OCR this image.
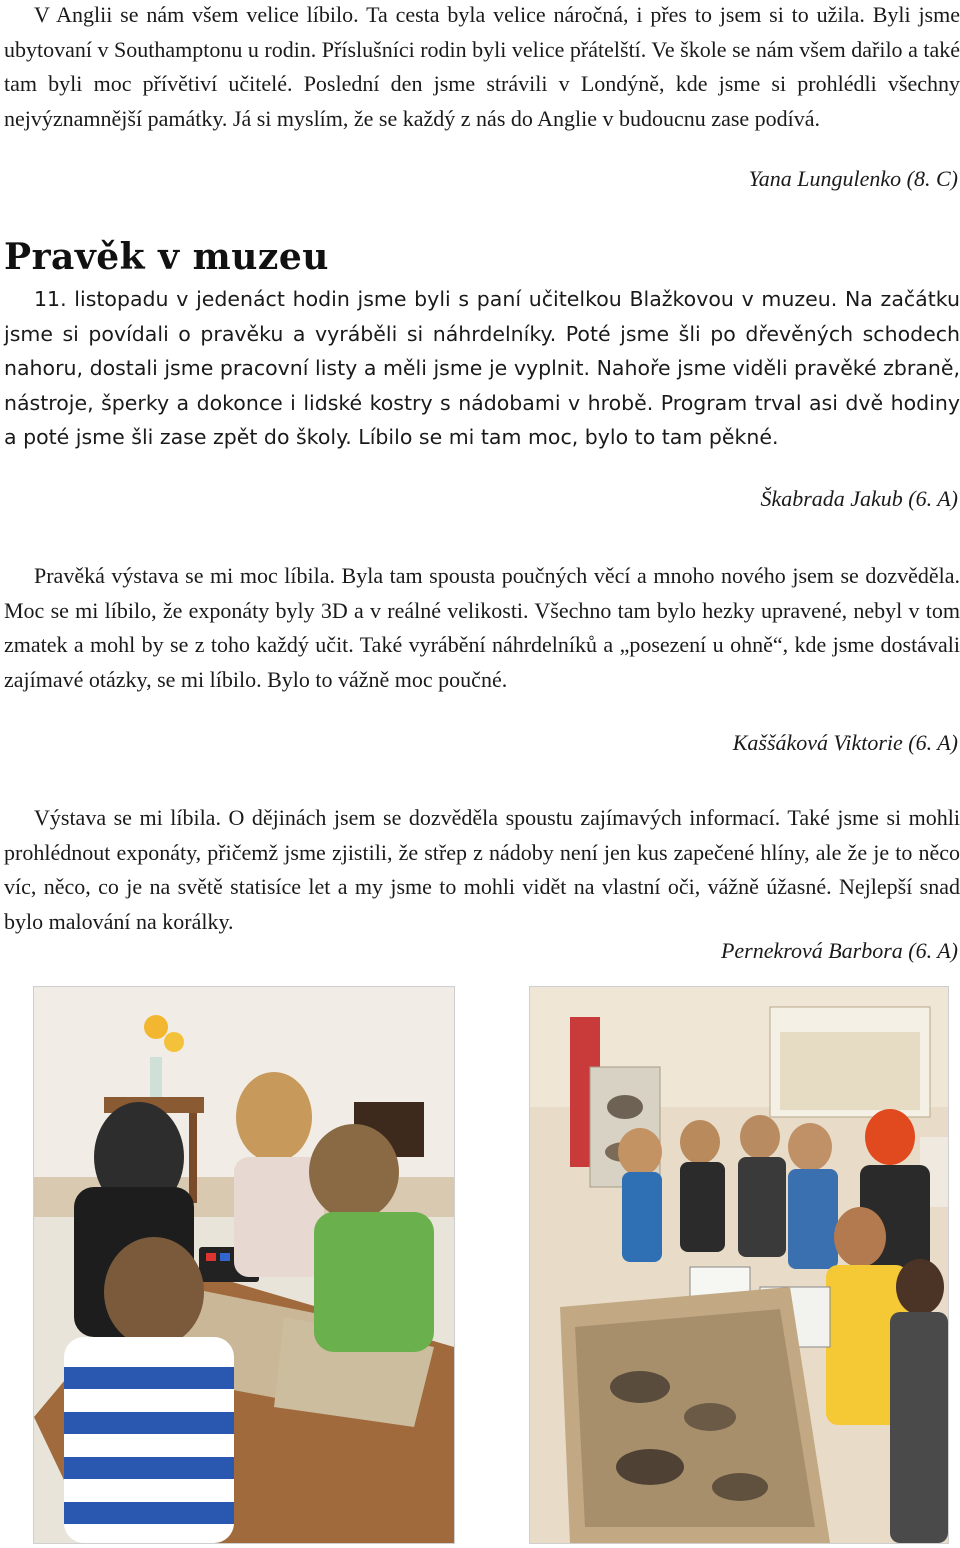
V Anglii se nám všem velice líbilo. Ta cesta byla velice náročná, i přes to jsem si to užila. Byli jsme ubytovaní v Southamptonu u rodin. Příslušníci rodin byli velice přátelští. Ve škole se nám všem dařilo a také tam byli moc přívětiví učitelé. Poslední den jsme strávili v Londýně, kde jsme si prohlédli všechny nejvýznamnější památky. Já si myslím, že se každý z nás do Anglie v budoucnu zase podívá.

Yana Lungulenko (8. C)

Pravěk v muzeu

11. listopadu v jedenáct hodin jsme byli s paní učitelkou Blažkovou v muzeu. Na začátku jsme si povídali o pravěku a vyráběli si náhrdelníky. Poté jsme šli po dřevěných schodech nahoru, dostali jsme pracovní listy a měli jsme je vyplnit. Nahoře jsme viděli pravěké zbraně, nástroje, šperky a dokonce i lidské kostry s nádobami v hrobě. Program trval asi dvě hodiny a poté jsme šli zase zpět do školy. Líbilo se mi tam moc, bylo to tam pěkné.

Škabrada Jakub (6. A)

Pravěká výstava se mi moc líbila. Byla tam spousta poučných věcí a mnoho nového jsem se dozvěděla. Moc se mi líbilo, že exponáty byly 3D a v reálné velikosti. Všechno tam bylo hezky upravené, nebyl v tom zmatek a mohl by se z toho každý učit. Také vyrábění náhrdelníků a „posezení u ohně“, kde jsme dostávali zajímavé otázky, se mi líbilo. Bylo to vážně moc poučné.

Kaššáková Viktorie (6. A)

Výstava se mi líbila. O dějinách jsem se dozvěděla spoustu zajímavých informací. Také jsme si mohli prohlédnout exponáty, přičemž jsme zjistili, že střep z nádoby není jen kus zapečené hlíny, ale že je to něco víc, něco, co je na světě statisíce let a my jsme to mohli vidět na vlastní oči, vážně úžasné. Nejlepší snad bylo malování na korálky.

Pernekrová Barbora (6. A)
